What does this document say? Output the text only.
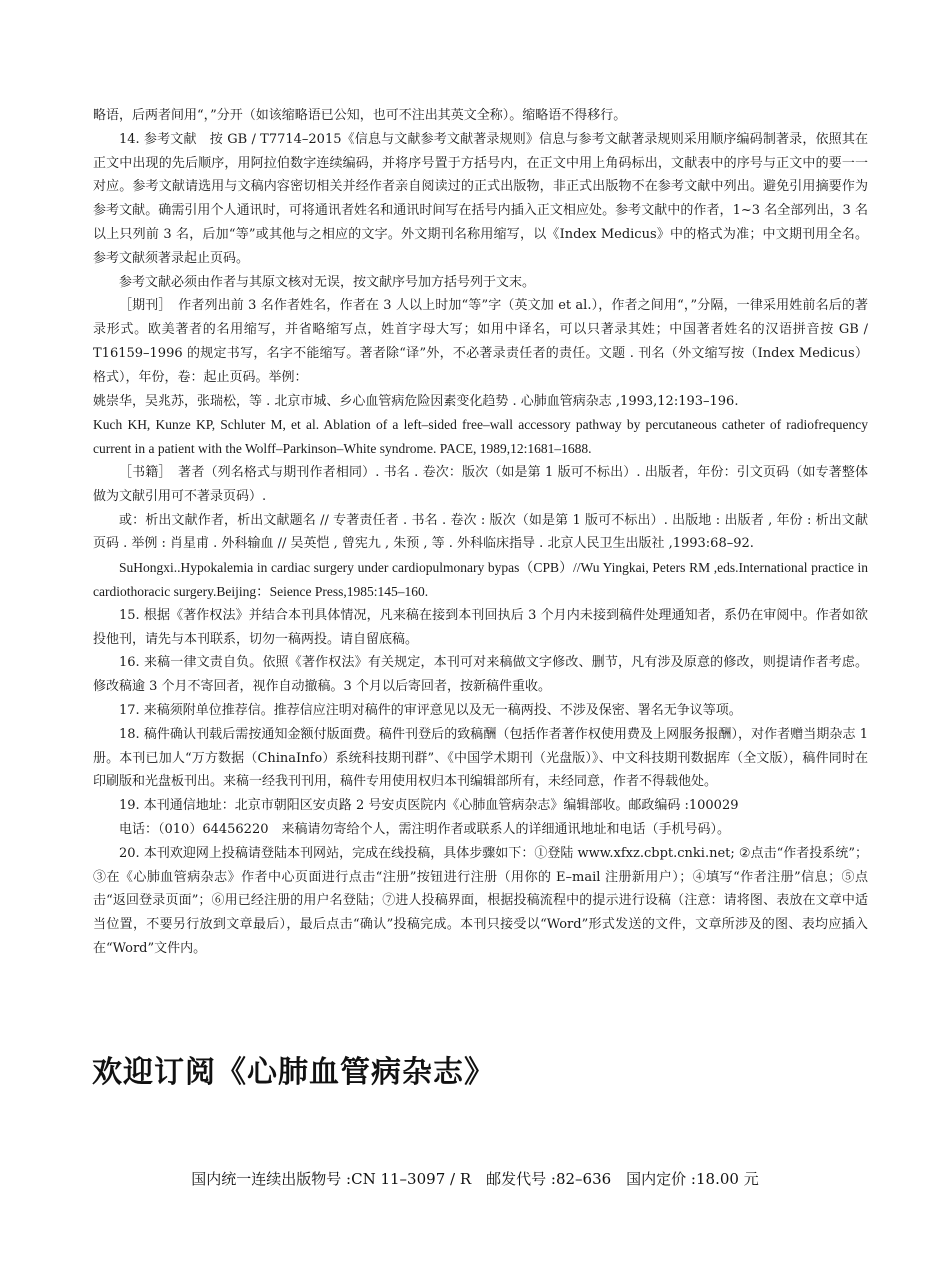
略语，后两者间用“，”分开（如该缩略语已公知，也可不注出其英文全称）。缩略语不得移行。

14. 参考文献　按 GB / T7714–2015《信息与文献参考文献著录规则》信息与参考文献著录规则采用顺序编码制著录，依照其在正文中出现的先后顺序，用阿拉伯数字连续编码，并将序号置于方括号内，在正文中用上角码标出，文献表中的序号与正文中的要一一对应。参考文献请选用与文稿内容密切相关并经作者亲自阅读过的正式出版物，非正式出版物不在参考文献中列出。避免引用摘要作为参考文献。确需引用个人通讯时，可将通讯者姓名和通讯时间写在括号内插入正文相应处。参考文献中的作者，1~3 名全部列出，3 名以上只列前 3 名，后加“等”或其他与之相应的文字。外文期刊名称用缩写，以《Index Medicus》中的格式为准；中文期刊用全名。参考文献须著录起止页码。

参考文献必须由作者与其原文核对无误，按文献序号加方括号列于文末。

［期刊］　作者列出前 3 名作者姓名，作者在 3 人以上时加“等”字（英文加 et al.），作者之间用“，”分隔，一律采用姓前名后的著录形式。欧美著者的名用缩写，并省略缩写点，姓首字母大写；如用中译名，可以只著录其姓；中国著者姓名的汉语拼音按 GB / T16159–1996 的规定书写，名字不能缩写。著者除“译”外，不必著录责任者的责任。文题 . 刊名（外文缩写按（Index Medicus）格式），年份，卷：起止页码。举例：

姚崇华，吴兆苏，张瑞松，等 . 北京市城、乡心血管病危险因素变化趋势 . 心肺血管病杂志 ,1993,12:193–196.

Kuch KH, Kunze KP, Schluter M, et al. Ablation of a left–sided free–wall accessory pathway by percutaneous catheter of radiofrequency current in a patient with the Wolff–Parkinson–White syndrome. PACE, 1989,12:1681–1688.

［书籍］　著者（列名格式与期刊作者相同）. 书名 . 卷次：版次（如是第 1 版可不标出）. 出版者，年份：引文页码（如专著整体做为文献引用可不著录页码）.

或：析出文献作者，析出文献题名 // 专著责任者 . 书名 . 卷次 : 版次（如是第 1 版可不标出）. 出版地 : 出版者 , 年份 : 析出文献页码 . 举例 : 肖星甫 . 外科输血 // 吴英恺 , 曾宪九 , 朱预 , 等 . 外科临床指导 . 北京人民卫生出版社 ,1993:68–92.

SuHongxi..Hypokalemia in cardiac surgery under cardiopulmonary bypas（CPB）//Wu Yingkai, Peters RM ,eds.International practice in cardiothoracic surgery.Beijing：Seience Press,1985:145–160.

15. 根据《著作权法》并结合本刊具体情况，凡来稿在接到本刊回执后 3 个月内未接到稿件处理通知者，系仍在审阅中。作者如欲投他刊，请先与本刊联系，切勿一稿两投。请自留底稿。

16. 来稿一律文责自负。依照《著作权法》有关规定，本刊可对来稿做文字修改、删节，凡有涉及原意的修改，则提请作者考虑。修改稿逾 3 个月不寄回者，视作自动撤稿。3 个月以后寄回者，按新稿件重收。

17. 来稿须附单位推荐信。推荐信应注明对稿件的审评意见以及无一稿两投、不涉及保密、署名无争议等项。

18. 稿件确认刊载后需按通知金额付版面费。稿件刊登后的致稿酬（包括作者著作权使用费及上网服务报酬），对作者赠当期杂志 1 册。本刊已加人“万方数据（ChinaInfo）系统科技期刊群”、《中国学术期刊（光盘版）》、中文科技期刊数据库（全文版），稿件同时在印刷版和光盘板刊出。来稿一经我刊刊用，稿件专用使用权归本刊编辑部所有，未经同意，作者不得载他处。

19. 本刊通信地址：北京市朝阳区安贞路 2 号安贞医院内《心肺血管病杂志》编辑部收。邮政编码 :100029

电话：（010）64456220　来稿请勿寄给个人，需注明作者或联系人的详细通讯地址和电话（手机号码）。

20. 本刊欢迎网上投稿请登陆本刊网站，完成在线投稿，具体步骤如下：①登陆 www.xfxz.cbpt.cnki.net; ②点击“作者投系统”；③在《心肺血管病杂志》作者中心页面进行点击“注册”按钮进行注册（用你的 E–mail 注册新用户）；④填写“作者注册”信息；⑤点击“返回登录页面”；⑥用已经注册的用户名登陆；⑦进人投稿界面，根据投稿流程中的提示进行设稿（注意：请将图、表放在文章中适当位置，不要另行放到文章最后），最后点击“确认”投稿完成。本刊只接受以“Word”形式发送的文件，文章所涉及的图、表均应插入在“Word”文件内。

欢迎订阅《心肺血管病杂志》
国内统一连续出版物号 :CN 11–3097 / R　邮发代号 :82–636　国内定价 :18.00 元
